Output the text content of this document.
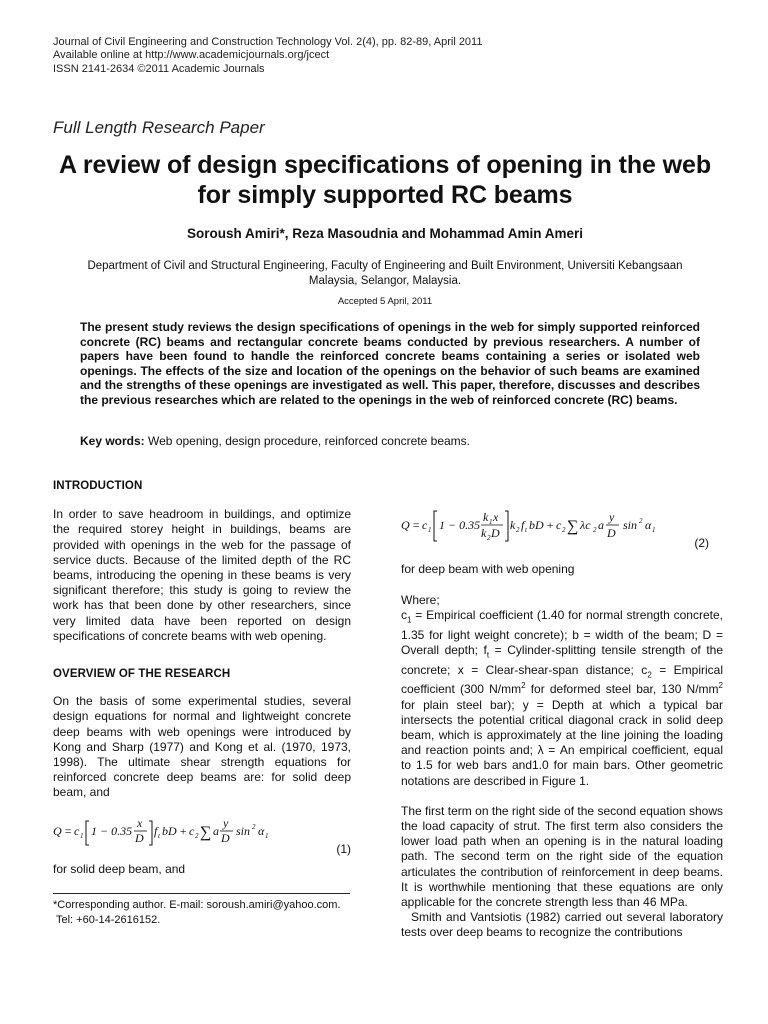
Journal of Civil Engineering and Construction Technology Vol. 2(4), pp. 82-89, April 2011
Available online at http://www.academicjournals.org/jcect
ISSN 2141-2634 ©2011 Academic Journals
Full Length Research Paper
A review of design specifications of opening in the web
for simply supported RC beams
Soroush Amiri*, Reza Masoudnia and Mohammad Amin Ameri
Department of Civil and Structural Engineering, Faculty of Engineering and Built Environment, Universiti Kebangsaan
Malaysia, Selangor, Malaysia.
Accepted 5 April, 2011
The present study reviews the design specifications of openings in the web for simply supported reinforced concrete (RC) beams and rectangular concrete beams conducted by previous researchers. A number of papers have been found to handle the reinforced concrete beams containing a series or isolated web openings. The effects of the size and location of the openings on the behavior of such beams are examined and the strengths of these openings are investigated as well. This paper, therefore, discusses and describes the previous researches which are related to the openings in the web of reinforced concrete (RC) beams.
Key words: Web opening, design procedure, reinforced concrete beams.

INTRODUCTION

In order to save headroom in buildings, and optimize the required storey height in buildings, beams are provided with openings in the web for the passage of service ducts. Because of the limited depth of the RC beams, introducing the opening in these beams is very significant therefore; this study is going to review the work has that been done by other researchers, since very limited data have been reported on design specifications of concrete beams with web opening.

OVERVIEW OF THE RESEARCH

On the basis of some experimental studies, several design equations for normal and lightweight concrete deep beams with web openings were introduced by Kong and Sharp (1977) and Kong et al. (1970, 1973, 1998). The ultimate shear strength equations for reinforced concrete deep beams are: for solid deep beam, and

Q = c 1 1 − 0.35
x
D f t bD + c 2 ∑ a
y
D sin 2 α 1
(1)

for solid deep beam, and

Q = c 1 1 − 0.35
k 1 x
k 2 D
k 2 f t bD + c 2 ∑ λc 2 a
y
D
sin 2 α 1
(2)

for deep beam with web opening

Where;

$c_1$ = Empirical coefficient (1.40 for normal strength concrete, 1.35 for light weight concrete); b = width of the beam; D = Overall depth; $f_t$ = Cylinder-splitting tensile strength of the concrete; x = Clear-shear-span distance; $c_2$ = Empirical coefficient (300 $N/mm^2$ for deformed steel bar, 130 $N/mm^2$ for plain steel bar); y = Depth at which a typical bar intersects the potential critical diagonal crack in solid deep beam, which is approximately at the line joining the loading and reaction points and; λ = An empirical coefficient, equal to 1.5 for web bars and1.0 for main bars. Other geometric notations are described in Figure 1.

The first term on the right side of the second equation shows the load capacity of strut. The first term also considers the lower load path when an opening is in the natural loading path. The second term on the right side of the equation articulates the contribution of reinforcement in deep beams. It is worthwhile mentioning that these equations are only applicable for the concrete strength less than 46 MPa.

Smith and Vantsiotis (1982) carried out several laboratory tests over deep beams to recognize the contributions

*Corresponding author. E-mail: soroush.amiri@yahoo.com.
Tel: +60-14-2616152.
